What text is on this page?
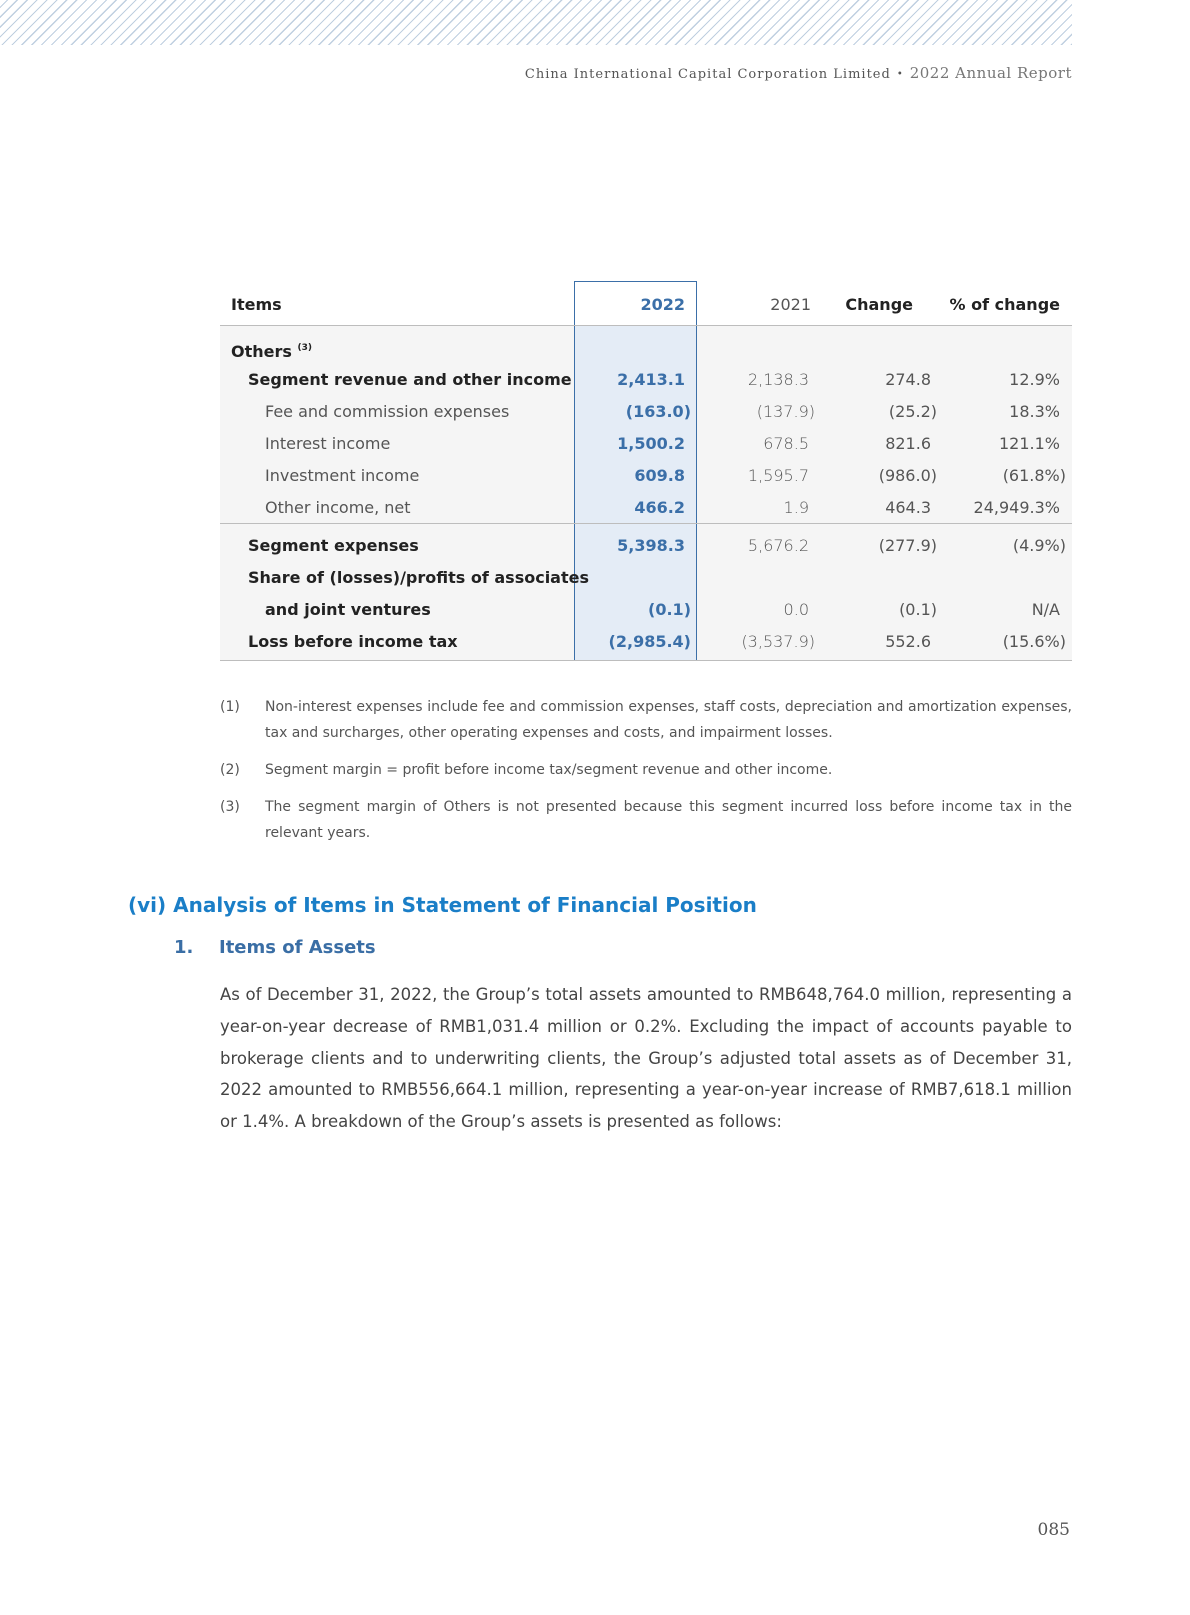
China International Capital Corporation Limited • 2022 Annual Report
Items	2022	2021 Change % of change
Others $^{(3)}$
Segment revenue and other income	2,413.1	2,138.3	274.8	12.9%
Fee and commission expenses	(163.0)	(137.9)	(25.2)	18.3%
Interest income	1,500.2	678.5	821.6	121.1%
Investment income	609.8	1,595.7	(986.0)	(61.8%)
Other income, net	466.2	1.9	464.3	24,949.3%
Segment expenses	5,398.3	5,676.2	(277.9)	(4.9%)
Share of (losses)/profits of associates
and joint ventures	(0.1)	0.0	(0.1)	N/A
Loss before income tax	(2,985.4)	(3,537.9)	552.6	(15.6%)
(1) Non-interest expenses include fee and commission expenses, staff costs, depreciation and amortization expenses, tax and surcharges, other operating expenses and costs, and impairment losses.
(2) Segment margin = profit before income tax/segment revenue and other income.
(3) The segment margin of Others is not presented because this segment incurred loss before income tax in the relevant years.
(vi) Analysis of Items in Statement of Financial Position
1. Items of Assets
As of December 31, 2022, the Group’s total assets amounted to RMB648,764.0 million, representing a year-on-year decrease of RMB1,031.4 million or 0.2%. Excluding the impact of accounts payable to brokerage clients and to underwriting clients, the Group’s adjusted total assets as of December 31, 2022 amounted to RMB556,664.1 million, representing a year-on-year increase of RMB7,618.1 million or 1.4%. A breakdown of the Group’s assets is presented as follows:
085
